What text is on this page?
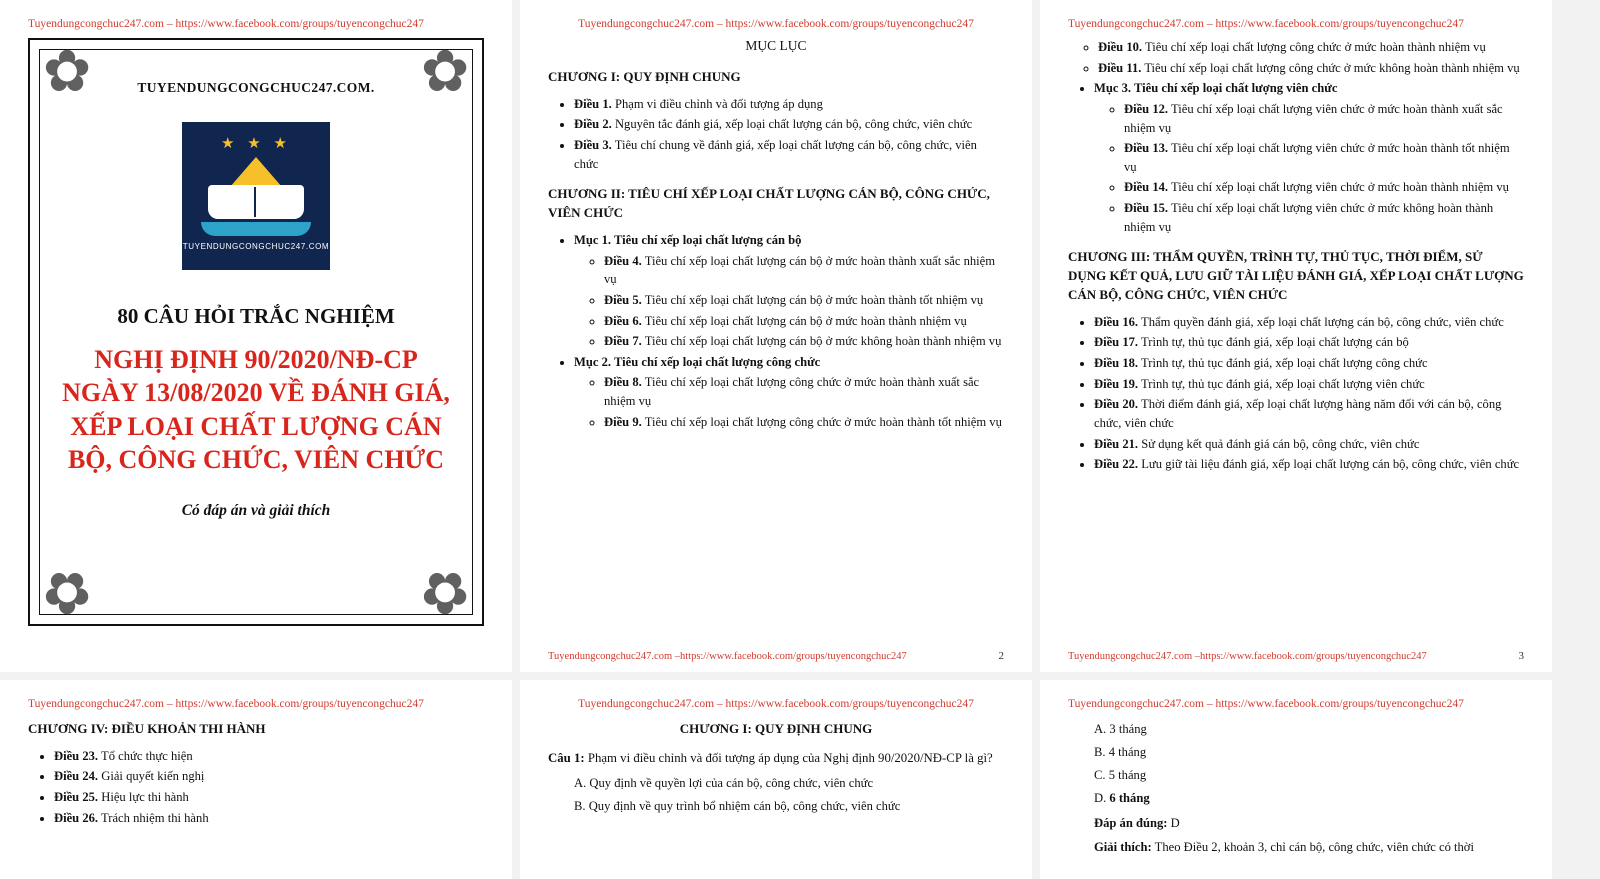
Tuyendungcongchuc247.com – https://www.facebook.com/groups/tuyencongchuc247
✿	✿
✿	✿
TUYENDUNGCONGCHUC247.COM.
★ ★ ★
TUYENDUNGCONGCHUC247.COM
80 CÂU HỎI TRẮC NGHIỆM
NGHỊ ĐỊNH 90/2020/NĐ-CP NGÀY 13/08/2020 VỀ ĐÁNH GIÁ, XẾP LOẠI CHẤT LƯỢNG CÁN BỘ, CÔNG CHỨC, VIÊN CHỨC
Có đáp án và giải thích
Tuyendungcongchuc247.com – https://www.facebook.com/groups/tuyencongchuc247
MỤC LỤC
CHƯƠNG I: QUY ĐỊNH CHUNG
• Điều 1. Phạm vi điều chỉnh và đối tượng áp dụng
• Điều 2. Nguyên tắc đánh giá, xếp loại chất lượng cán bộ, công chức, viên chức
• Điều 3. Tiêu chí chung về đánh giá, xếp loại chất lượng cán bộ, công chức, viên chức
CHƯƠNG II: TIÊU CHÍ XẾP LOẠI CHẤT LƯỢNG CÁN BỘ, CÔNG CHỨC, VIÊN CHỨC
• Mục 1. Tiêu chí xếp loại chất lượng cán bộ
◦ Điều 4. Tiêu chí xếp loại chất lượng cán bộ ở mức hoàn thành xuất sắc nhiệm vụ
◦ Điều 5. Tiêu chí xếp loại chất lượng cán bộ ở mức hoàn thành tốt nhiệm vụ
◦ Điều 6. Tiêu chí xếp loại chất lượng cán bộ ở mức hoàn thành nhiệm vụ
◦ Điều 7. Tiêu chí xếp loại chất lượng cán bộ ở mức không hoàn thành nhiệm vụ
• Mục 2. Tiêu chí xếp loại chất lượng công chức
◦ Điều 8. Tiêu chí xếp loại chất lượng công chức ở mức hoàn thành xuất sắc nhiệm vụ
◦ Điều 9. Tiêu chí xếp loại chất lượng công chức ở mức hoàn thành tốt nhiệm vụ
Tuyendungcongchuc247.com –https://www.facebook.com/groups/tuyencongchuc247	2
Tuyendungcongchuc247.com – https://www.facebook.com/groups/tuyencongchuc247
◦ Điều 10. Tiêu chí xếp loại chất lượng công chức ở mức hoàn thành nhiệm vụ
◦ Điều 11. Tiêu chí xếp loại chất lượng công chức ở mức không hoàn thành nhiệm vụ
• Mục 3. Tiêu chí xếp loại chất lượng viên chức
◦ Điều 12. Tiêu chí xếp loại chất lượng viên chức ở mức hoàn thành xuất sắc nhiệm vụ
◦ Điều 13. Tiêu chí xếp loại chất lượng viên chức ở mức hoàn thành tốt nhiệm vụ
◦ Điều 14. Tiêu chí xếp loại chất lượng viên chức ở mức hoàn thành nhiệm vụ
◦ Điều 15. Tiêu chí xếp loại chất lượng viên chức ở mức không hoàn thành nhiệm vụ
CHƯƠNG III: THẨM QUYỀN, TRÌNH TỰ, THỦ TỤC, THỜI ĐIỂM, SỬ DỤNG KẾT QUẢ, LƯU GIỮ TÀI LIỆU ĐÁNH GIÁ, XẾP LOẠI CHẤT LƯỢNG CÁN BỘ, CÔNG CHỨC, VIÊN CHỨC
• Điều 16. Thẩm quyền đánh giá, xếp loại chất lượng cán bộ, công chức, viên chức
• Điều 17. Trình tự, thủ tục đánh giá, xếp loại chất lượng cán bộ
• Điều 18. Trình tự, thủ tục đánh giá, xếp loại chất lượng công chức
• Điều 19. Trình tự, thủ tục đánh giá, xếp loại chất lượng viên chức
• Điều 20. Thời điểm đánh giá, xếp loại chất lượng hàng năm đối với cán bộ, công chức, viên chức
• Điều 21. Sử dụng kết quả đánh giá cán bộ, công chức, viên chức
• Điều 22. Lưu giữ tài liệu đánh giá, xếp loại chất lượng cán bộ, công chức, viên chức
Tuyendungcongchuc247.com –https://www.facebook.com/groups/tuyencongchuc247	3
Tuyendungcongchuc247.com – https://www.facebook.com/groups/tuyencongchuc247
CHƯƠNG IV: ĐIỀU KHOẢN THI HÀNH
• Điều 23. Tổ chức thực hiện
• Điều 24. Giải quyết kiến nghị
• Điều 25. Hiệu lực thi hành
• Điều 26. Trách nhiệm thi hành
Tuyendungcongchuc247.com – https://www.facebook.com/groups/tuyencongchuc247
CHƯƠNG I: QUY ĐỊNH CHUNG
Câu 1: Phạm vi điều chỉnh và đối tượng áp dụng của Nghị định 90/2020/NĐ-CP là gì?
A. Quy định về quyền lợi của cán bộ, công chức, viên chức
B. Quy định về quy trình bổ nhiệm cán bộ, công chức, viên chức
Tuyendungcongchuc247.com – https://www.facebook.com/groups/tuyencongchuc247
A. 3 tháng
B. 4 tháng
C. 5 tháng
D. 6 tháng
Đáp án đúng: D
Giải thích: Theo Điều 2, khoản 3, chỉ cán bộ, công chức, viên chức có thời
